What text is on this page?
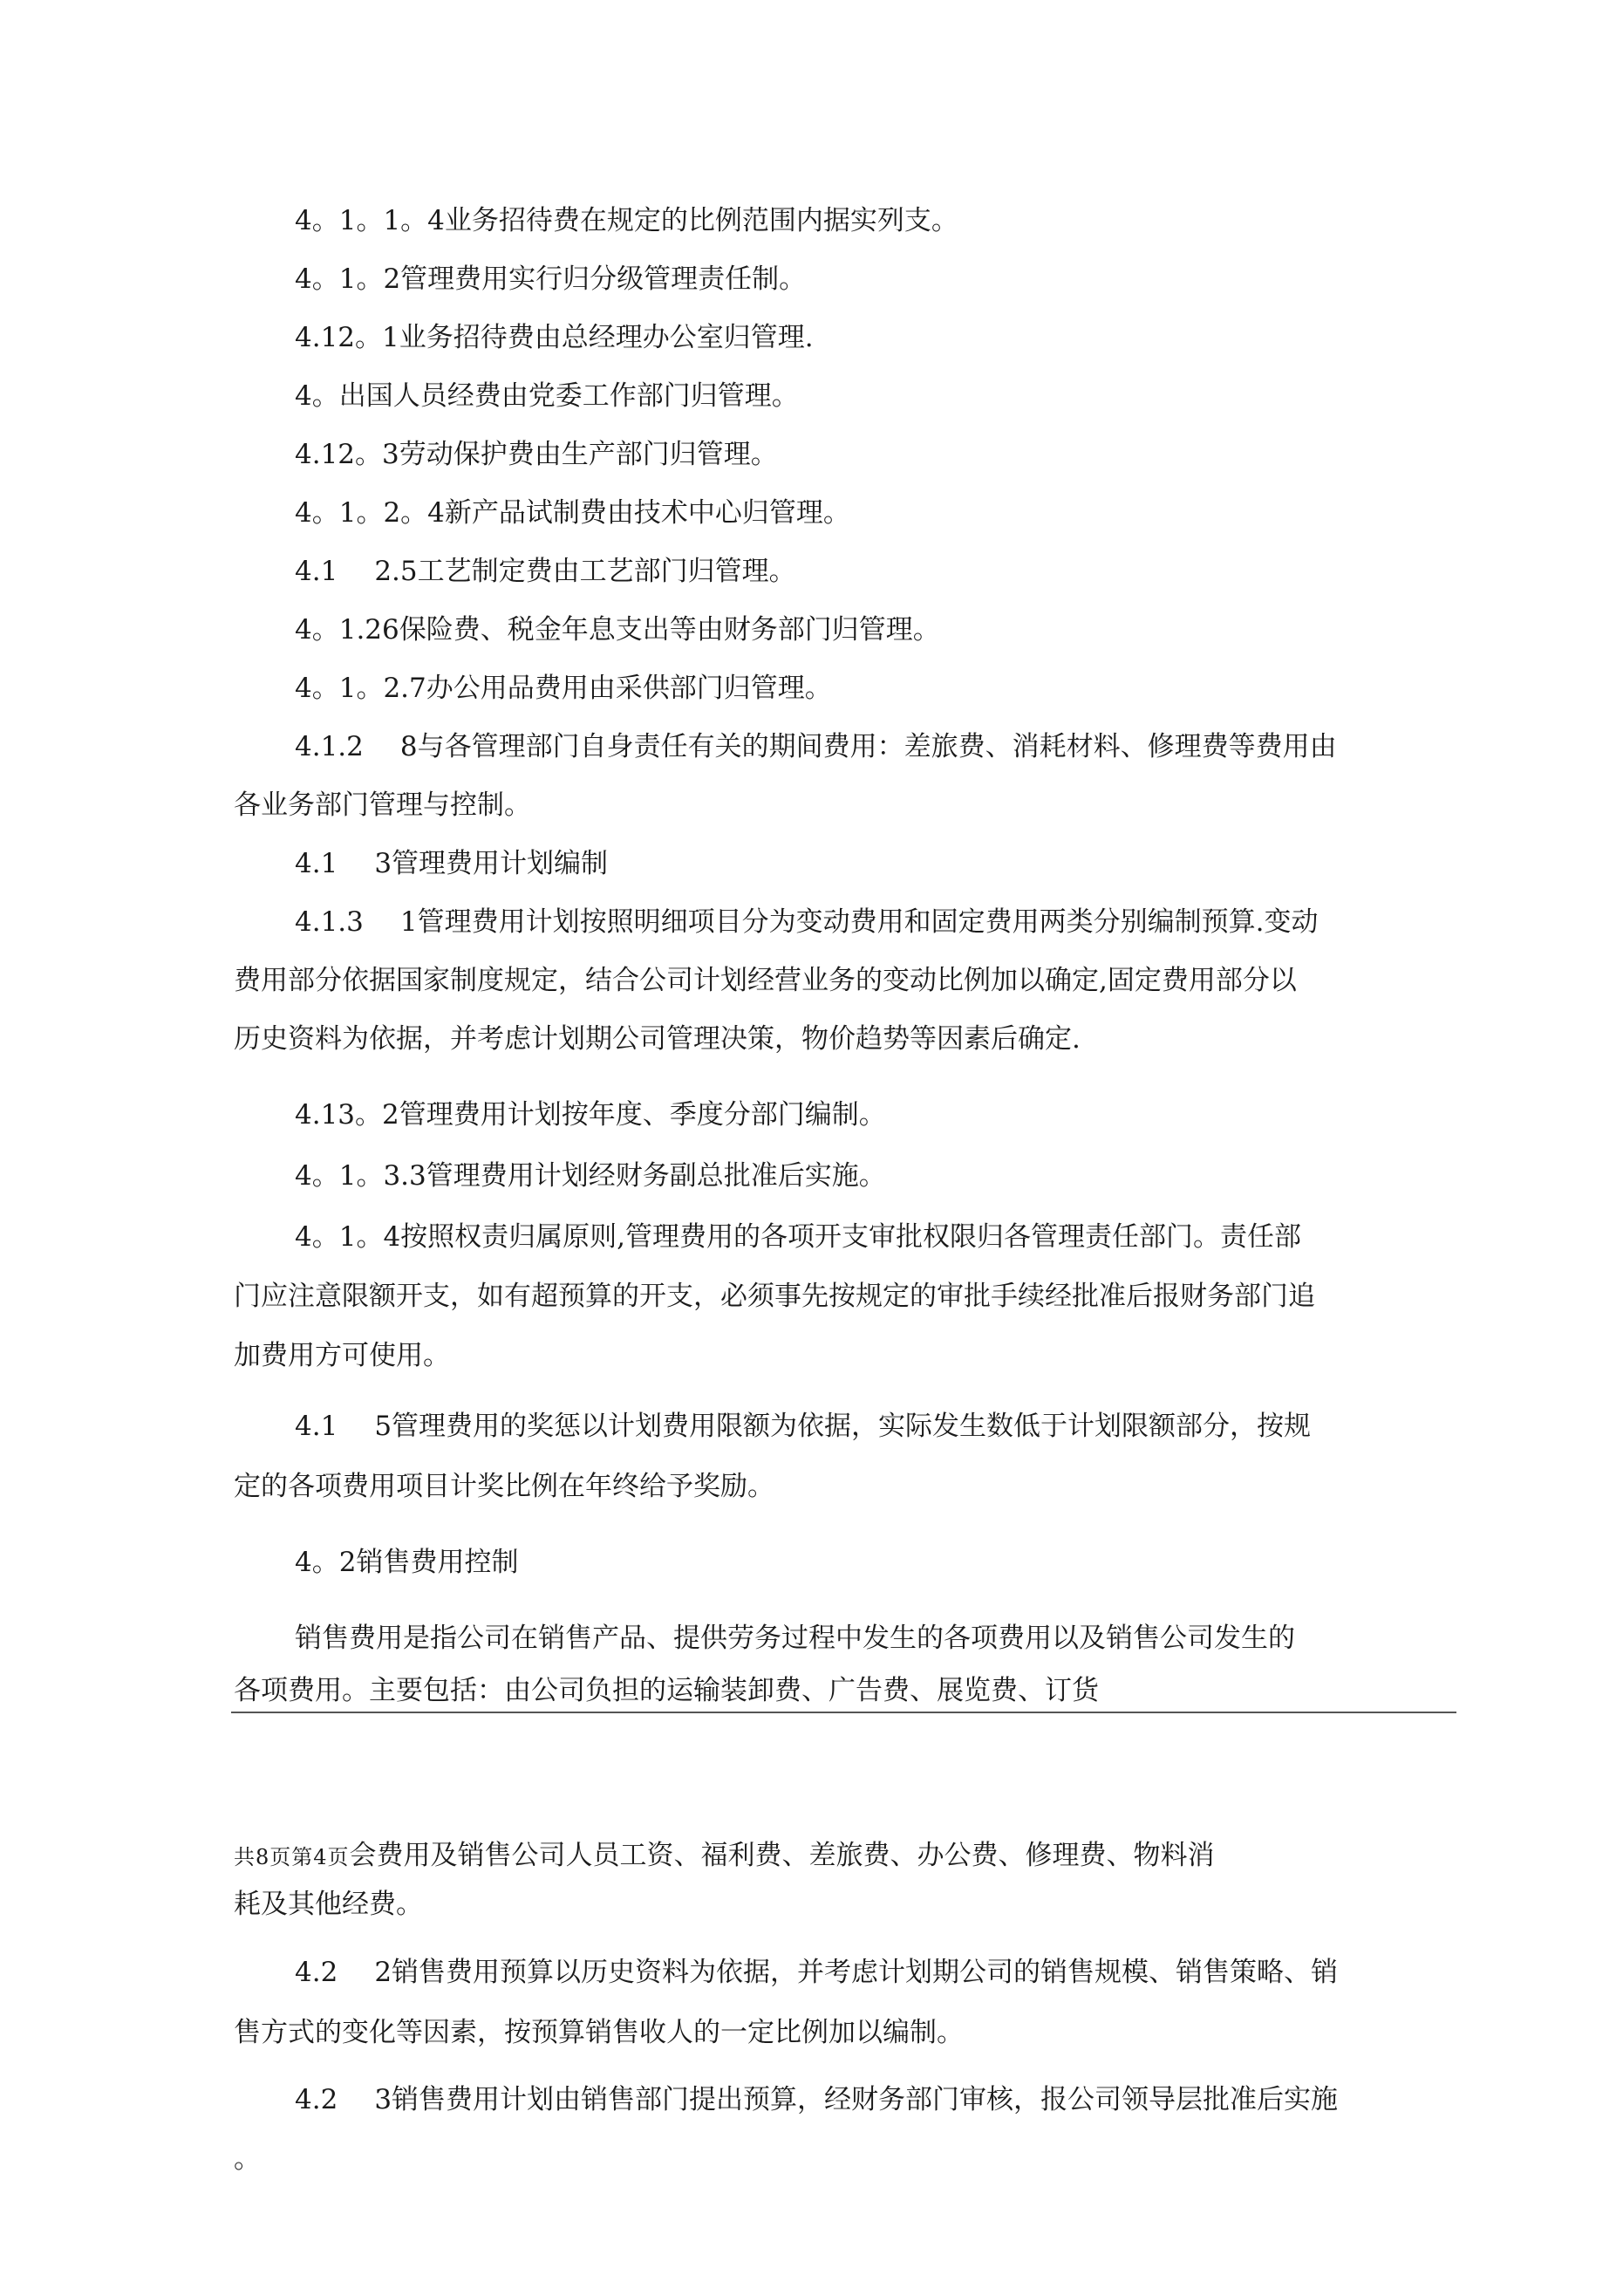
4。1。1。4业务招待费在规定的比例范围内据实列支。

4。1。2管理费用实行归分级管理责任制。

4.12。1业务招待费由总经理办公室归管理.

4。出国人员经费由党委工作部门归管理。

4.12。3劳动保护费由生产部门归管理。

4。1。2。4新产品试制费由技术中心归管理。

4.1 2.5工艺制定费由工艺部门归管理。

4。1.26保险费、税金年息支出等由财务部门归管理。

4。1。2.7办公用品费用由采供部门归管理。

4.1.2 8与各管理部门自身责任有关的期间费用：差旅费、消耗材料、修理费等费用由

各业务部门管理与控制。

4.1 3管理费用计划编制

4.1.3 1管理费用计划按照明细项目分为变动费用和固定费用两类分别编制预算.变动

费用部分依据国家制度规定，结合公司计划经营业务的变动比例加以确定,固定费用部分以

历史资料为依据，并考虑计划期公司管理决策，物价趋势等因素后确定.

4.13。2管理费用计划按年度、季度分部门编制。

4。1。3.3管理费用计划经财务副总批准后实施。

4。1。4按照权责归属原则,管理费用的各项开支审批权限归各管理责任部门。责任部

门应注意限额开支，如有超预算的开支，必须事先按规定的审批手续经批准后报财务部门追

加费用方可使用。

4.1 5管理费用的奖惩以计划费用限额为依据，实际发生数低于计划限额部分，按规

定的各项费用项目计奖比例在年终给予奖励。

4。2销售费用控制

销售费用是指公司在销售产品、提供劳务过程中发生的各项费用以及销售公司发生的

各项费用。主要包括：由公司负担的运输装卸费、广告费、展览费、订货

共8页第4页会费用及销售公司人员工资、福利费、差旅费、办公费、修理费、物料消

耗及其他经费。

4.2 2销售费用预算以历史资料为依据，并考虑计划期公司的销售规模、销售策略、销

售方式的变化等因素，按预算销售收人的一定比例加以编制。

4.2 3销售费用计划由销售部门提出预算，经财务部门审核，报公司领导层批准后实施

。
